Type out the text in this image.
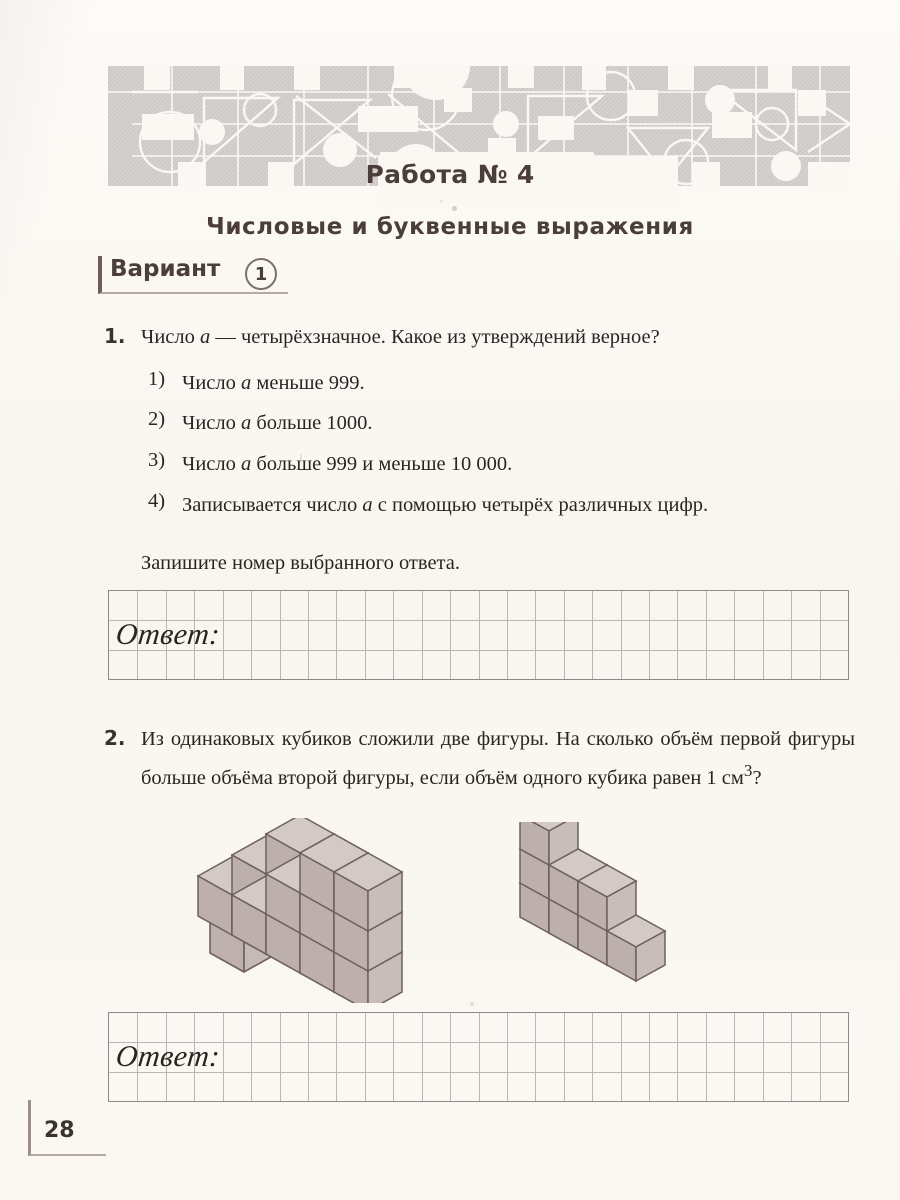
Работа № 4
Числовые и буквенные выражения
Вариант	1
1. Число a — четырёхзначное. Какое из утверждений верное?
1) Число a меньше 999.
2) Число a больше 1000.
3) Число a больше 999 и меньше 10 000.
4) Записывается число a с помощью четырёх различных цифр.
Запишите номер выбранного ответа.
Ответ:
2. Из одинаковых кубиков сложили две фигуры. На сколько объём первой фигуры больше объёма второй фигуры, если объём одного кубика равен 1 $см^3$?
Ответ:
28
